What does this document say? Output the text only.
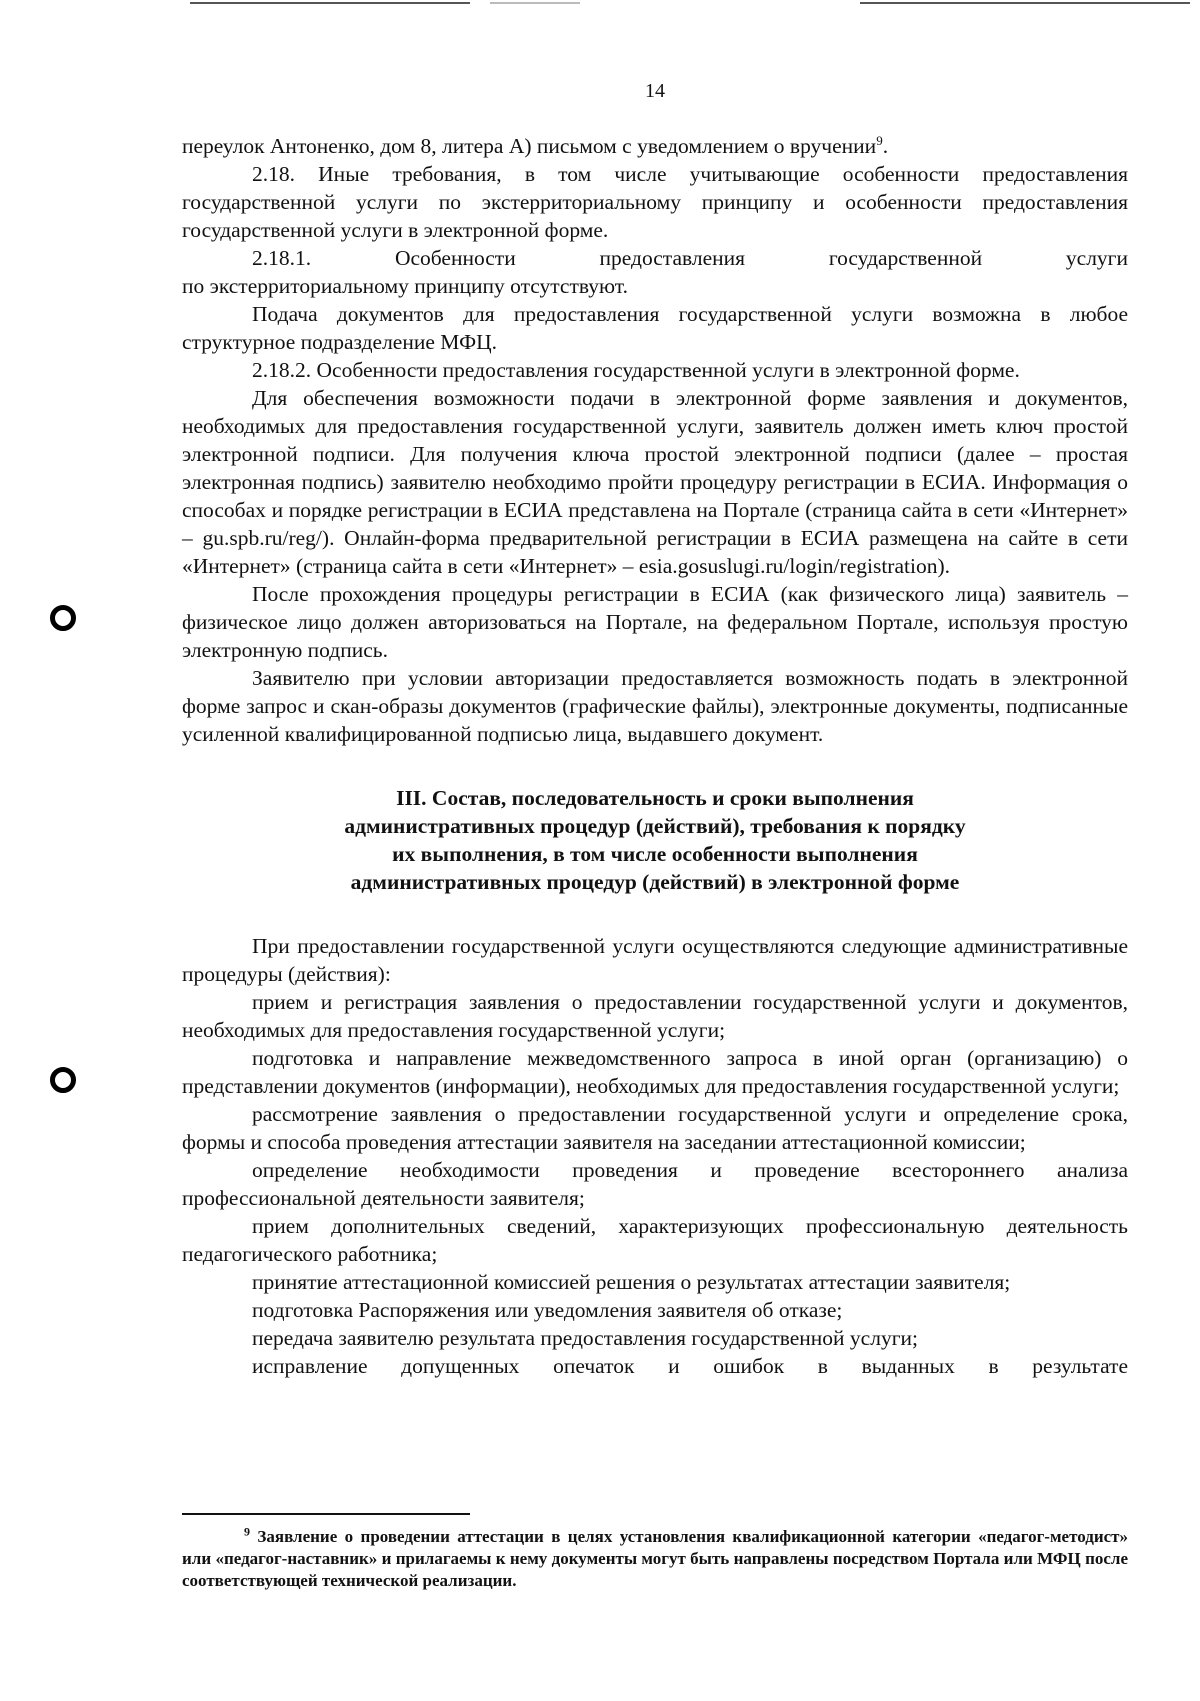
14

переулок Антоненко, дом 8, литера А) письмом с уведомлением о вручении$^9$.

2.18. Иные требования, в том числе учитывающие особенности предоставления государственной услуги по экстерриториальному принципу и особенности предоставления государственной услуги в электронной форме.

2.18.1. Особенности предоставления государственной услуги

по экстерриториальному принципу отсутствуют.

Подача документов для предоставления государственной услуги возможна в любое структурное подразделение МФЦ.

2.18.2. Особенности предоставления государственной услуги в электронной форме.

Для обеспечения возможности подачи в электронной форме заявления и документов, необходимых для предоставления государственной услуги, заявитель должен иметь ключ простой электронной подписи. Для получения ключа простой электронной подписи (далее – простая электронная подпись) заявителю необходимо пройти процедуру регистрации в ЕСИА. Информация о способах и порядке регистрации в ЕСИА представлена на Портале (страница сайта в сети «Интернет» – gu.spb.ru/reg/). Онлайн-форма предварительной регистрации в ЕСИА размещена на сайте в сети «Интернет» (страница сайта в сети «Интернет» – esia.gosuslugi.ru/login/registration).

После прохождения процедуры регистрации в ЕСИА (как физического лица) заявитель – физическое лицо должен авторизоваться на Портале, на федеральном Портале, используя простую электронную подпись.

Заявителю при условии авторизации предоставляется возможность подать в электронной форме запрос и скан-образы документов (графические файлы), электронные документы, подписанные усиленной квалифицированной подписью лица, выдавшего документ.

III. Состав, последовательность и сроки выполнения
административных процедур (действий), требования к порядку
их выполнения, в том числе особенности выполнения
административных процедур (действий) в электронной форме

При предоставлении государственной услуги осуществляются следующие административные процедуры (действия):

прием и регистрация заявления о предоставлении государственной услуги и документов, необходимых для предоставления государственной услуги;

подготовка и направление межведомственного запроса в иной орган (организацию) о представлении документов (информации), необходимых для предоставления государственной услуги;

рассмотрение заявления о предоставлении государственной услуги и определение срока, формы и способа проведения аттестации заявителя на заседании аттестационной комиссии;

определение необходимости проведения и проведение всестороннего анализа профессиональной деятельности заявителя;

прием дополнительных сведений, характеризующих профессиональную деятельность педагогического работника;

принятие аттестационной комиссией решения о результатах аттестации заявителя;

подготовка Распоряжения или уведомления заявителя об отказе;

передача заявителю результата предоставления государственной услуги;

исправление допущенных опечаток и ошибок в выданных в результате

$^9$ Заявление о проведении аттестации в целях установления квалификационной категории «педагог-методист» или «педагог-наставник» и прилагаемы к нему документы могут быть направлены посредством Портала или МФЦ после соответствующей технической реализации.
